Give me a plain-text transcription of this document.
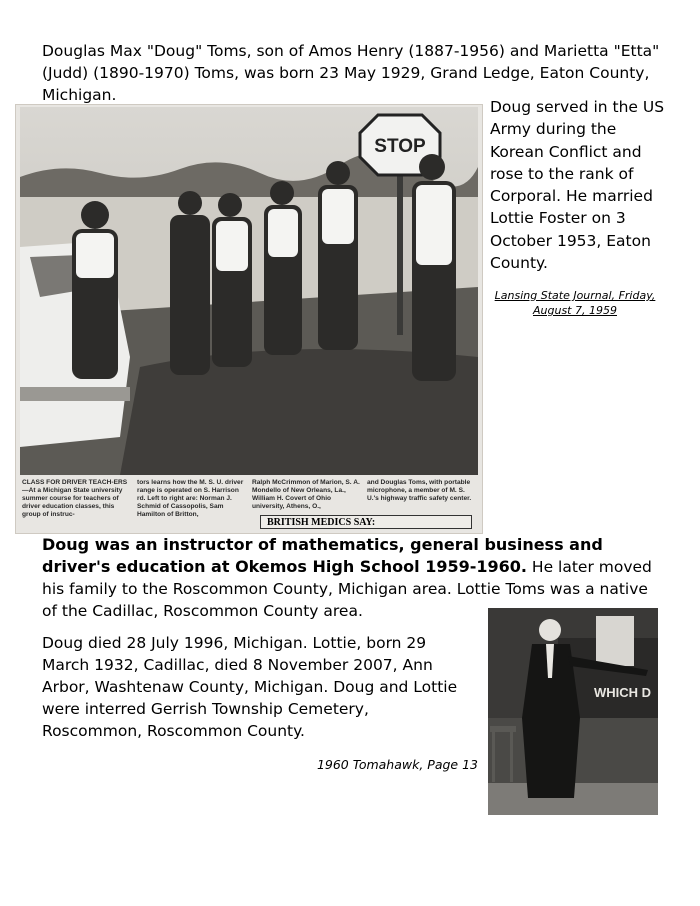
Douglas Max "Doug" Toms, son of Amos Henry (1887-1956) and Marietta "Etta" (Judd) (1890-1970) Toms, was born 23 May 1929, Grand Ledge, Eaton County, Michigan.

STOP
CLASS FOR DRIVER TEACH-ERS—At a Michigan State university summer course for teachers of driver education classes, this group of instruc-
tors learns how the M. S. U. driver range is operated on S. Harrison rd. Left to right are: Norman J. Schmid of Cassopolis, Sam Hamilton of Britton,
Ralph McCrimmon of Marion, S. A. Mondello of New Orleans, La., William H. Covert of Ohio university, Athens, O.,
and Douglas Toms, with portable microphone, a member of M. S. U.'s highway traffic safety center.
BRITISH MEDICS SAY:

Doug served in the US Army during the Korean Conflict and rose to the rank of Corporal. He married Lottie Foster on 3 October 1953, Eaton County.

Lansing State Journal, Friday, August 7, 1959

Doug was an instructor of mathematics, general business and driver's education at Okemos High School 1959-1960. He later moved his family to the Roscommon County, Michigan area. Lottie Toms was a native of the Cadillac, Roscommon County area.

Doug died 28 July 1996, Michigan. Lottie, born 29 March 1932, Cadillac, died 8 November 2007, Ann Arbor, Washtenaw County, Michigan. Doug and Lottie were interred Gerrish Township Cemetery, Roscommon, Roscommon County.

1960 Tomahawk, Page 13

WHICH D
